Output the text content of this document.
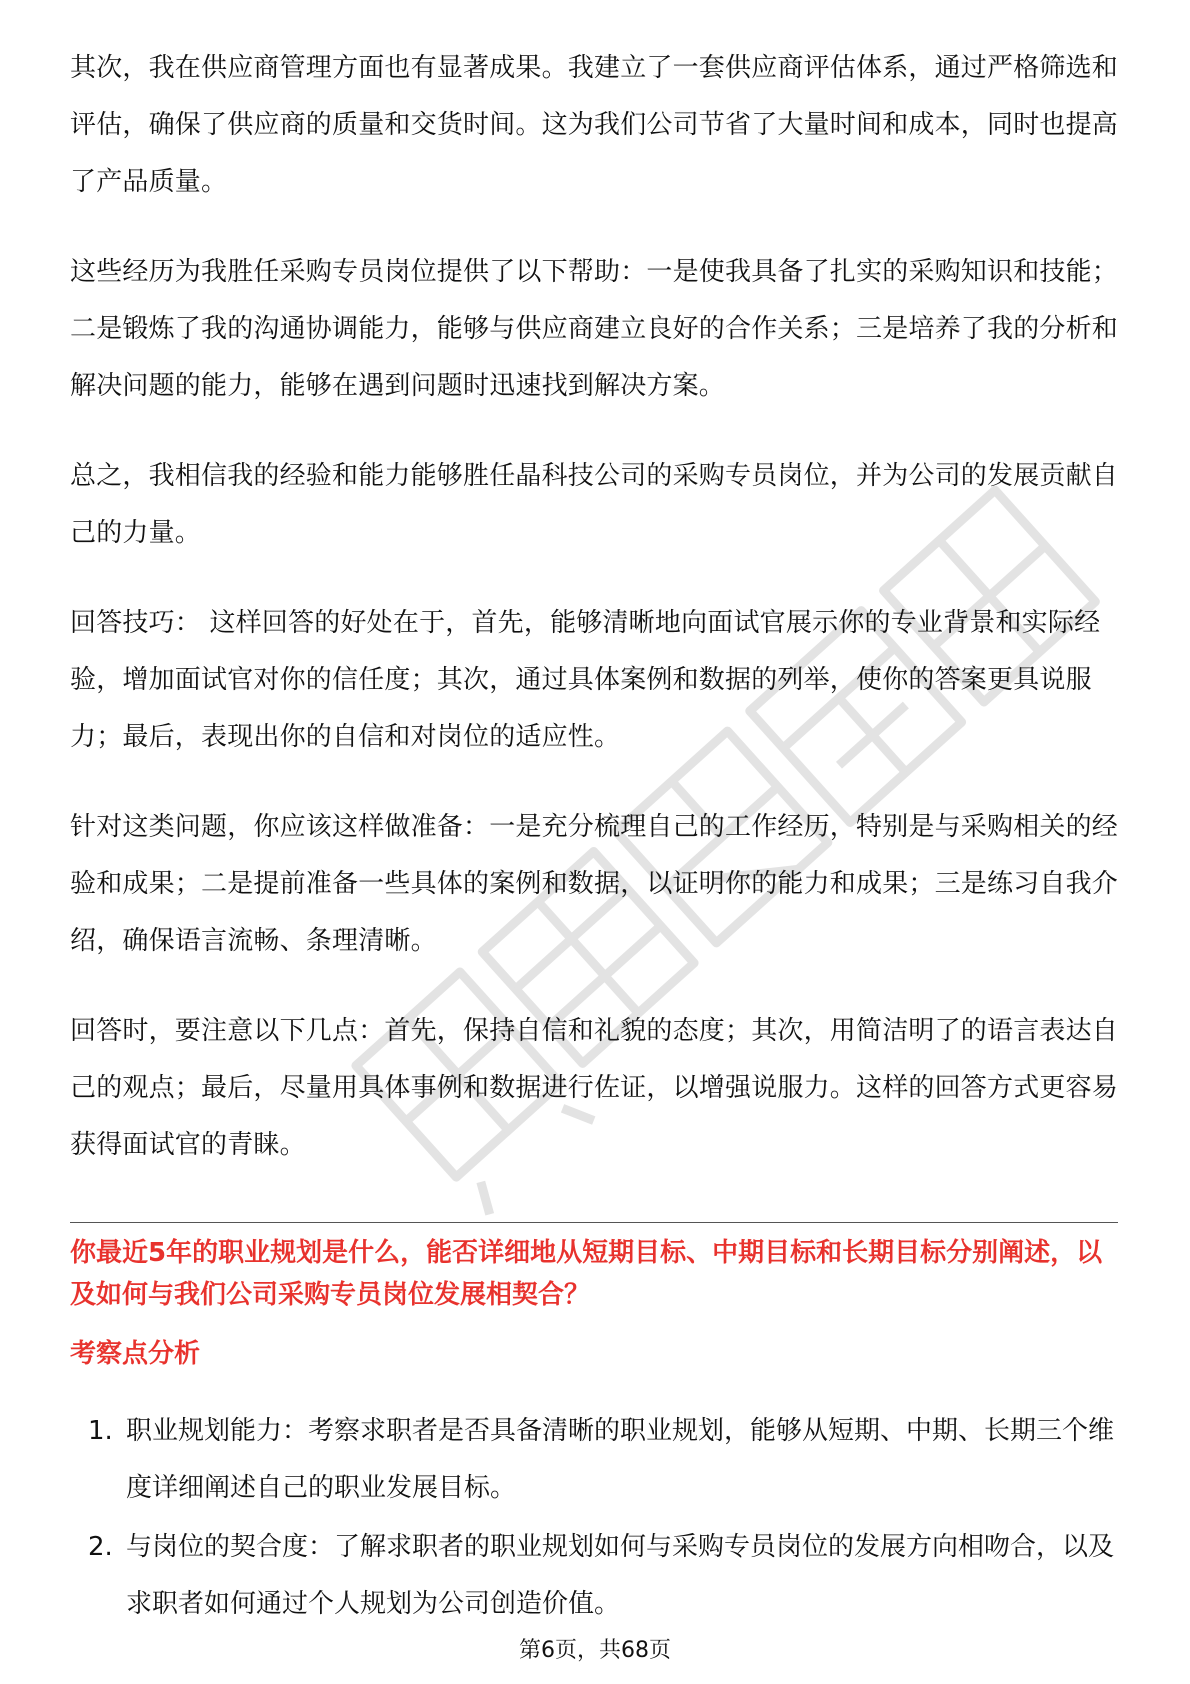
其次，我在供应商管理方面也有显著成果。我建立了一套供应商评估体系，通过严格筛选和评估，确保了供应商的质量和交货时间。这为我们公司节省了大量时间和成本，同时也提高了产品质量。

这些经历为我胜任采购专员岗位提供了以下帮助：一是使我具备了扎实的采购知识和技能；二是锻炼了我的沟通协调能力，能够与供应商建立良好的合作关系；三是培养了我的分析和解决问题的能力，能够在遇到问题时迅速找到解决方案。

总之，我相信我的经验和能力能够胜任晶科技公司的采购专员岗位，并为公司的发展贡献自己的力量。

回答技巧： 这样回答的好处在于，首先，能够清晰地向面试官展示你的专业背景和实际经验，增加面试官对你的信任度；其次，通过具体案例和数据的列举，使你的答案更具说服力；最后，表现出你的自信和对岗位的适应性。

针对这类问题，你应该这样做准备：一是充分梳理自己的工作经历，特别是与采购相关的经验和成果；二是提前准备一些具体的案例和数据，以证明你的能力和成果；三是练习自我介绍，确保语言流畅、条理清晰。

回答时，要注意以下几点：首先，保持自信和礼貌的态度；其次，用简洁明了的语言表达自己的观点；最后，尽量用具体事例和数据进行佐证，以增强说服力。这样的回答方式更容易获得面试官的青睐。

你最近5年的职业规划是什么，能否详细地从短期目标、中期目标和长期目标分别阐述，以及如何与我们公司采购专员岗位发展相契合？
考察点分析
1. 职业规划能力：考察求职者是否具备清晰的职业规划，能够从短期、中期、长期三个维度详细阐述自己的职业发展目标。
2. 与岗位的契合度：了解求职者的职业规划如何与采购专员岗位的发展方向相吻合，以及求职者如何通过个人规划为公司创造价值。
第6页，共68页
